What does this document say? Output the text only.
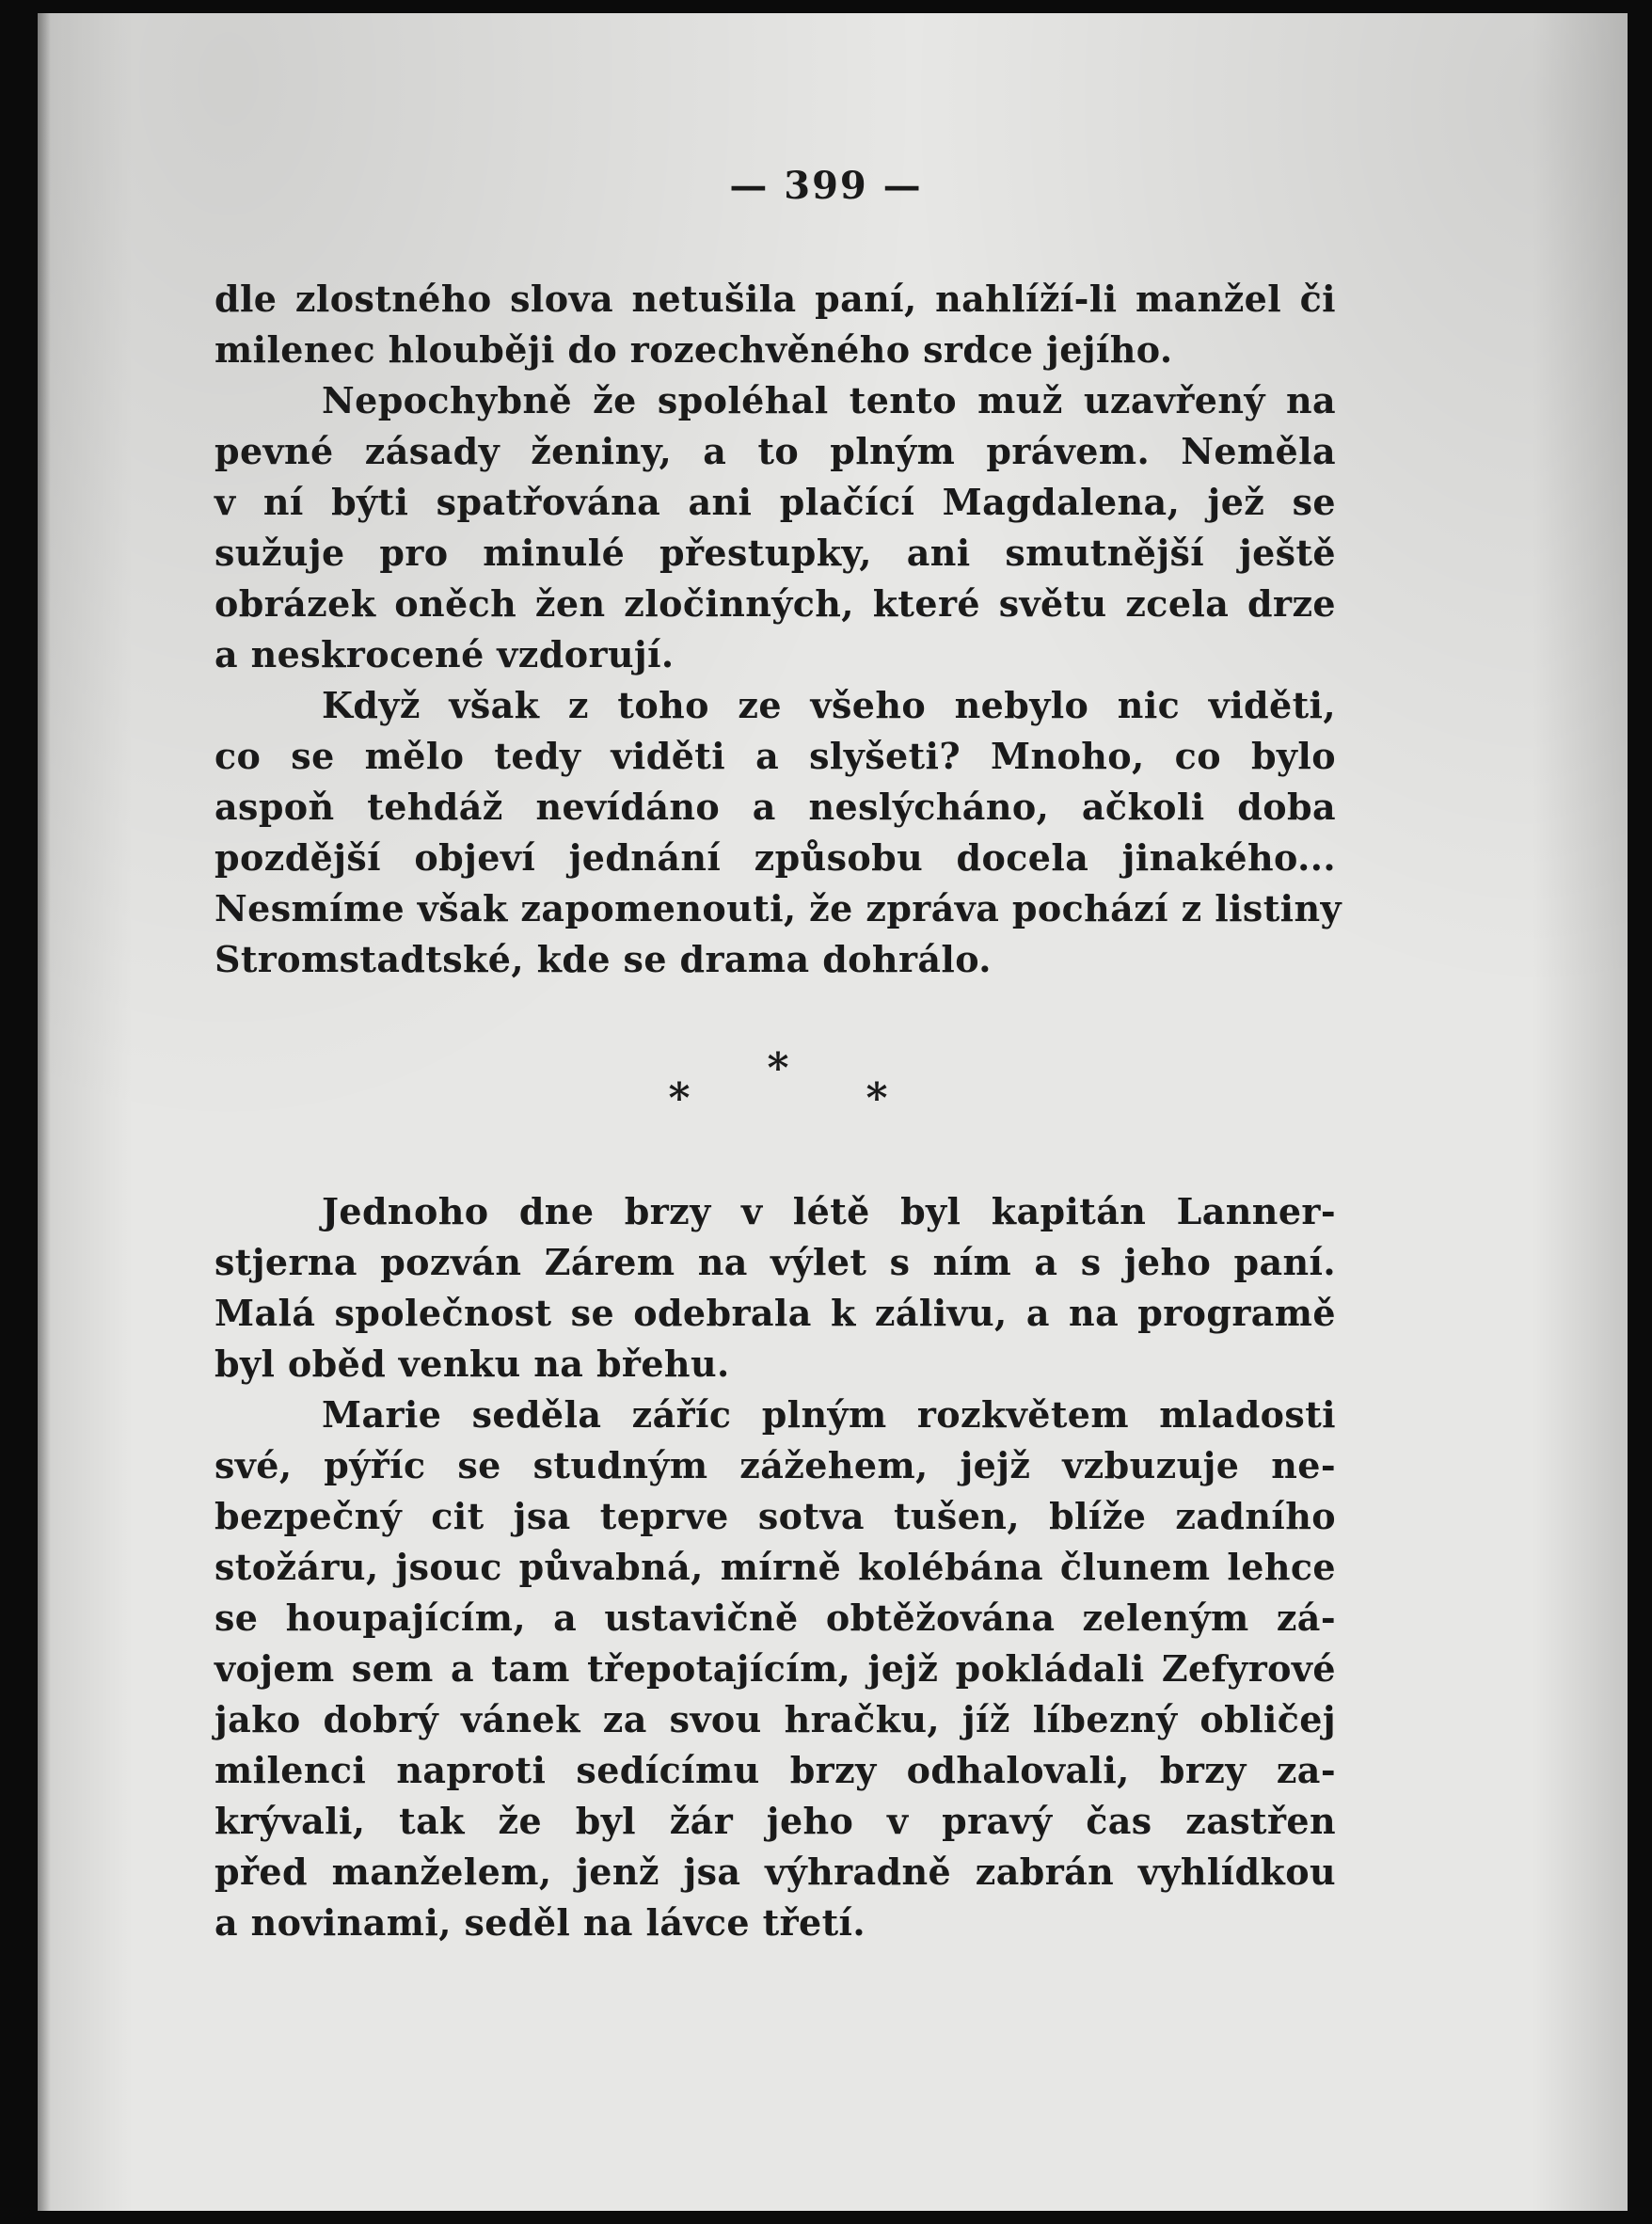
— 399 —
dle zlostného slova netušila paní, nahlíží-li manžel či
milenec hlouběji do rozechvěného srdce jejího.
Nepochybně že spoléhal tento muž uzavřený na
pevné zásady ženiny, a to plným právem. Neměla
v ní býti spatřována ani plačící Magdalena, jež se
sužuje pro minulé přestupky, ani smutnější ještě
obrázek oněch žen zločinných, které světu zcela drze
a neskrocené vzdorují.
Když však z toho ze všeho nebylo nic viděti,
co se mělo tedy viděti a slyšeti? Mnoho, co bylo
aspoň tehdáž nevídáno a neslýcháno, ačkoli doba
pozdější objeví jednání způsobu docela jinakého...
Nesmíme však zapomenouti, že zpráva pochází z listiny
Stromstadtské, kde se drama dohrálo.
*
*	*
Jednoho dne brzy v létě byl kapitán Lanner-
stjerna pozván Zárem na výlet s ním a s jeho paní.
Malá společnost se odebrala k zálivu, a na programě
byl oběd venku na břehu.
Marie seděla záříc plným rozkvětem mladosti
své, pýříc se studným zážehem, jejž vzbuzuje ne-
bezpečný cit jsa teprve sotva tušen, blíže zadního
stožáru, jsouc půvabná, mírně kolébána člunem lehce
se houpajícím, a ustavičně obtěžována zeleným zá-
vojem sem a tam třepotajícím, jejž pokládali Zefyrové
jako dobrý vánek za svou hračku, jíž líbezný obličej
milenci naproti sedícímu brzy odhalovali, brzy za-
krývali, tak že byl žár jeho v pravý čas zastřen
před manželem, jenž jsa výhradně zabrán vyhlídkou
a novinami, seděl na lávce třetí.
